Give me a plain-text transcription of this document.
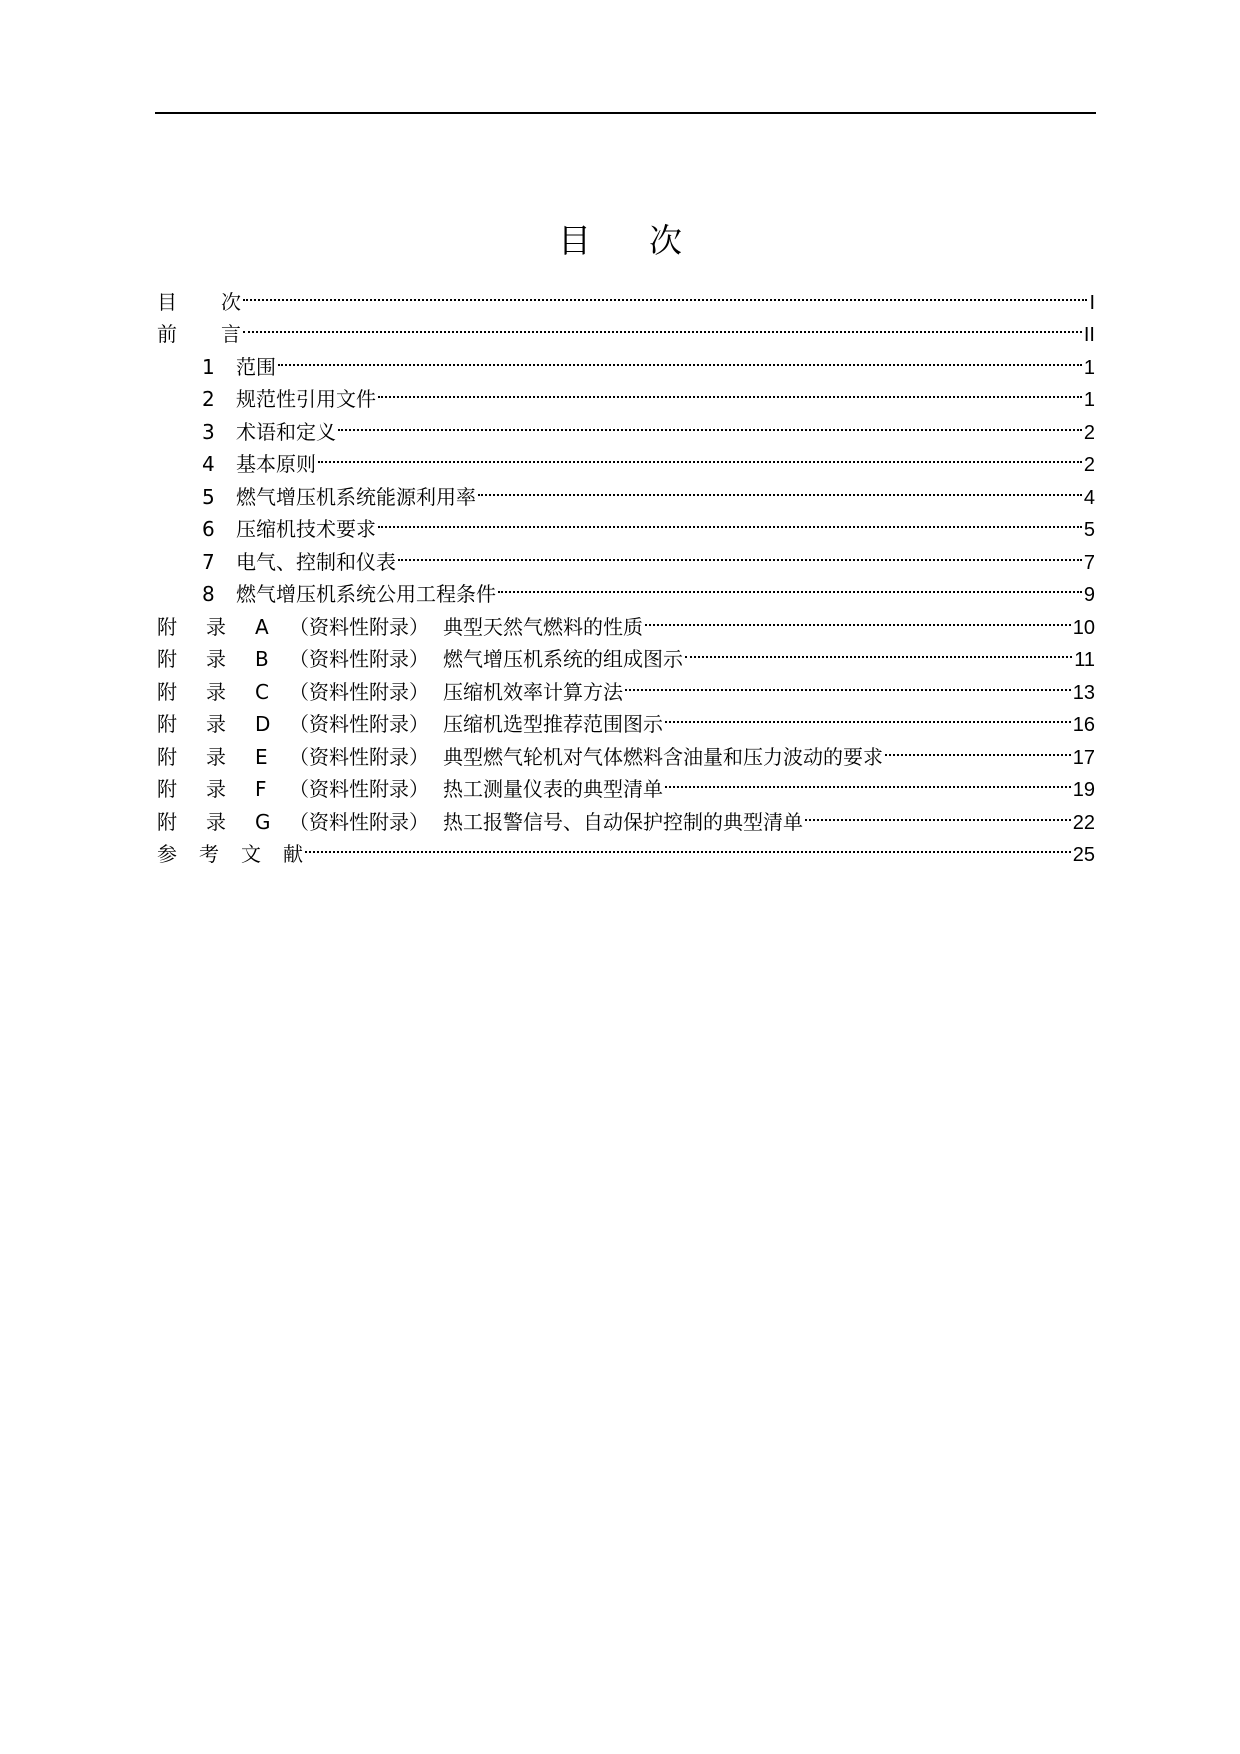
目 次
目 次	I
前 言	II
1	范围	1
2	规范性引用文件	1
3	术语和定义	2
4	基本原则	2
5	燃气增压机系统能源利用率	4
6	压缩机技术要求	5
7	电气、控制和仪表	7
8	燃气增压机系统公用工程条件	9
附 录 A	（资料性附录） 典型天然气燃料的性质	10
附 录 B	（资料性附录） 燃气增压机系统的组成图示	11
附 录 C	（资料性附录） 压缩机效率计算方法	13
附 录 D （资料性附录） 压缩机选型推荐范围图示	16
附 录 E	（资料性附录） 典型燃气轮机对气体燃料含油量和压力波动的要求	17
附 录 F	（资料性附录） 热工测量仪表的典型清单	19
附 录 G （资料性附录） 热工报警信号、自动保护控制的典型清单	22
参 考 文 献	25
